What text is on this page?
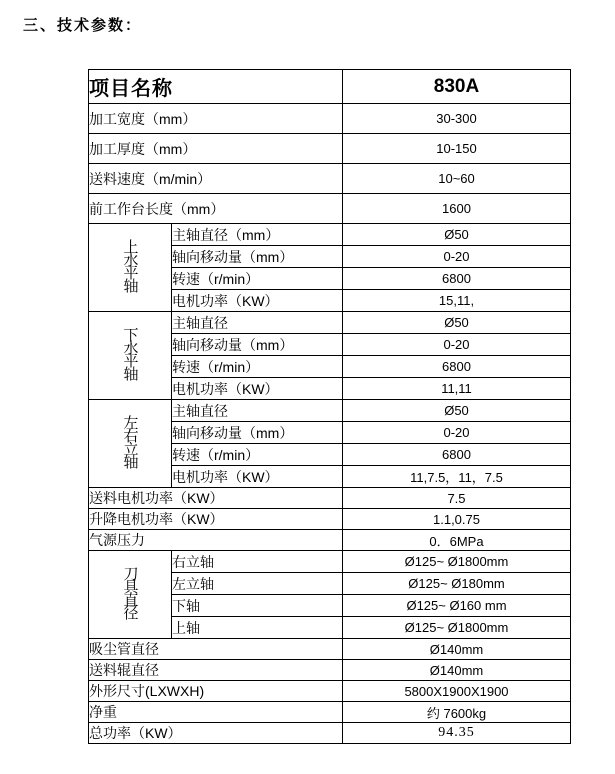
三、技术参数：
项目名称		830A
加工宽度（mm）		30-300
加工厚度（mm）		10-150
送料速度（m/min）		10~60
前工作台长度（mm）		1600
上水平轴	主轴直径（mm）	Ø50
	轴向移动量（mm）	0-20
	转速（r/min）	6800
	电机功率（KW）	15,11,
下水平轴	主轴直径	Ø50
	轴向移动量（mm）	0-20
	转速（r/min）	6800
	电机功率（KW）	11,11
左右立轴	主轴直径	Ø50
	轴向移动量（mm）	0-20
	转速（r/min）	6800
	电机功率（KW）	11,7.5，11，7.5
送料电机功率（KW）		7.5
升降电机功率（KW）		1.1,0.75
气源压力		0．6MPa
刀具直径	右立轴	Ø125~ Ø1800mm
	左立轴	Ø125~ Ø180mm
	下轴	Ø125~ Ø160 mm
	上轴	Ø125~ Ø1800mm
吸尘管直径		Ø140mm
送料辊直径		Ø140mm
外形尺寸(LXWXH)		5800X1900X1900
净重		约 7600kg
总功率（KW）		94.35
